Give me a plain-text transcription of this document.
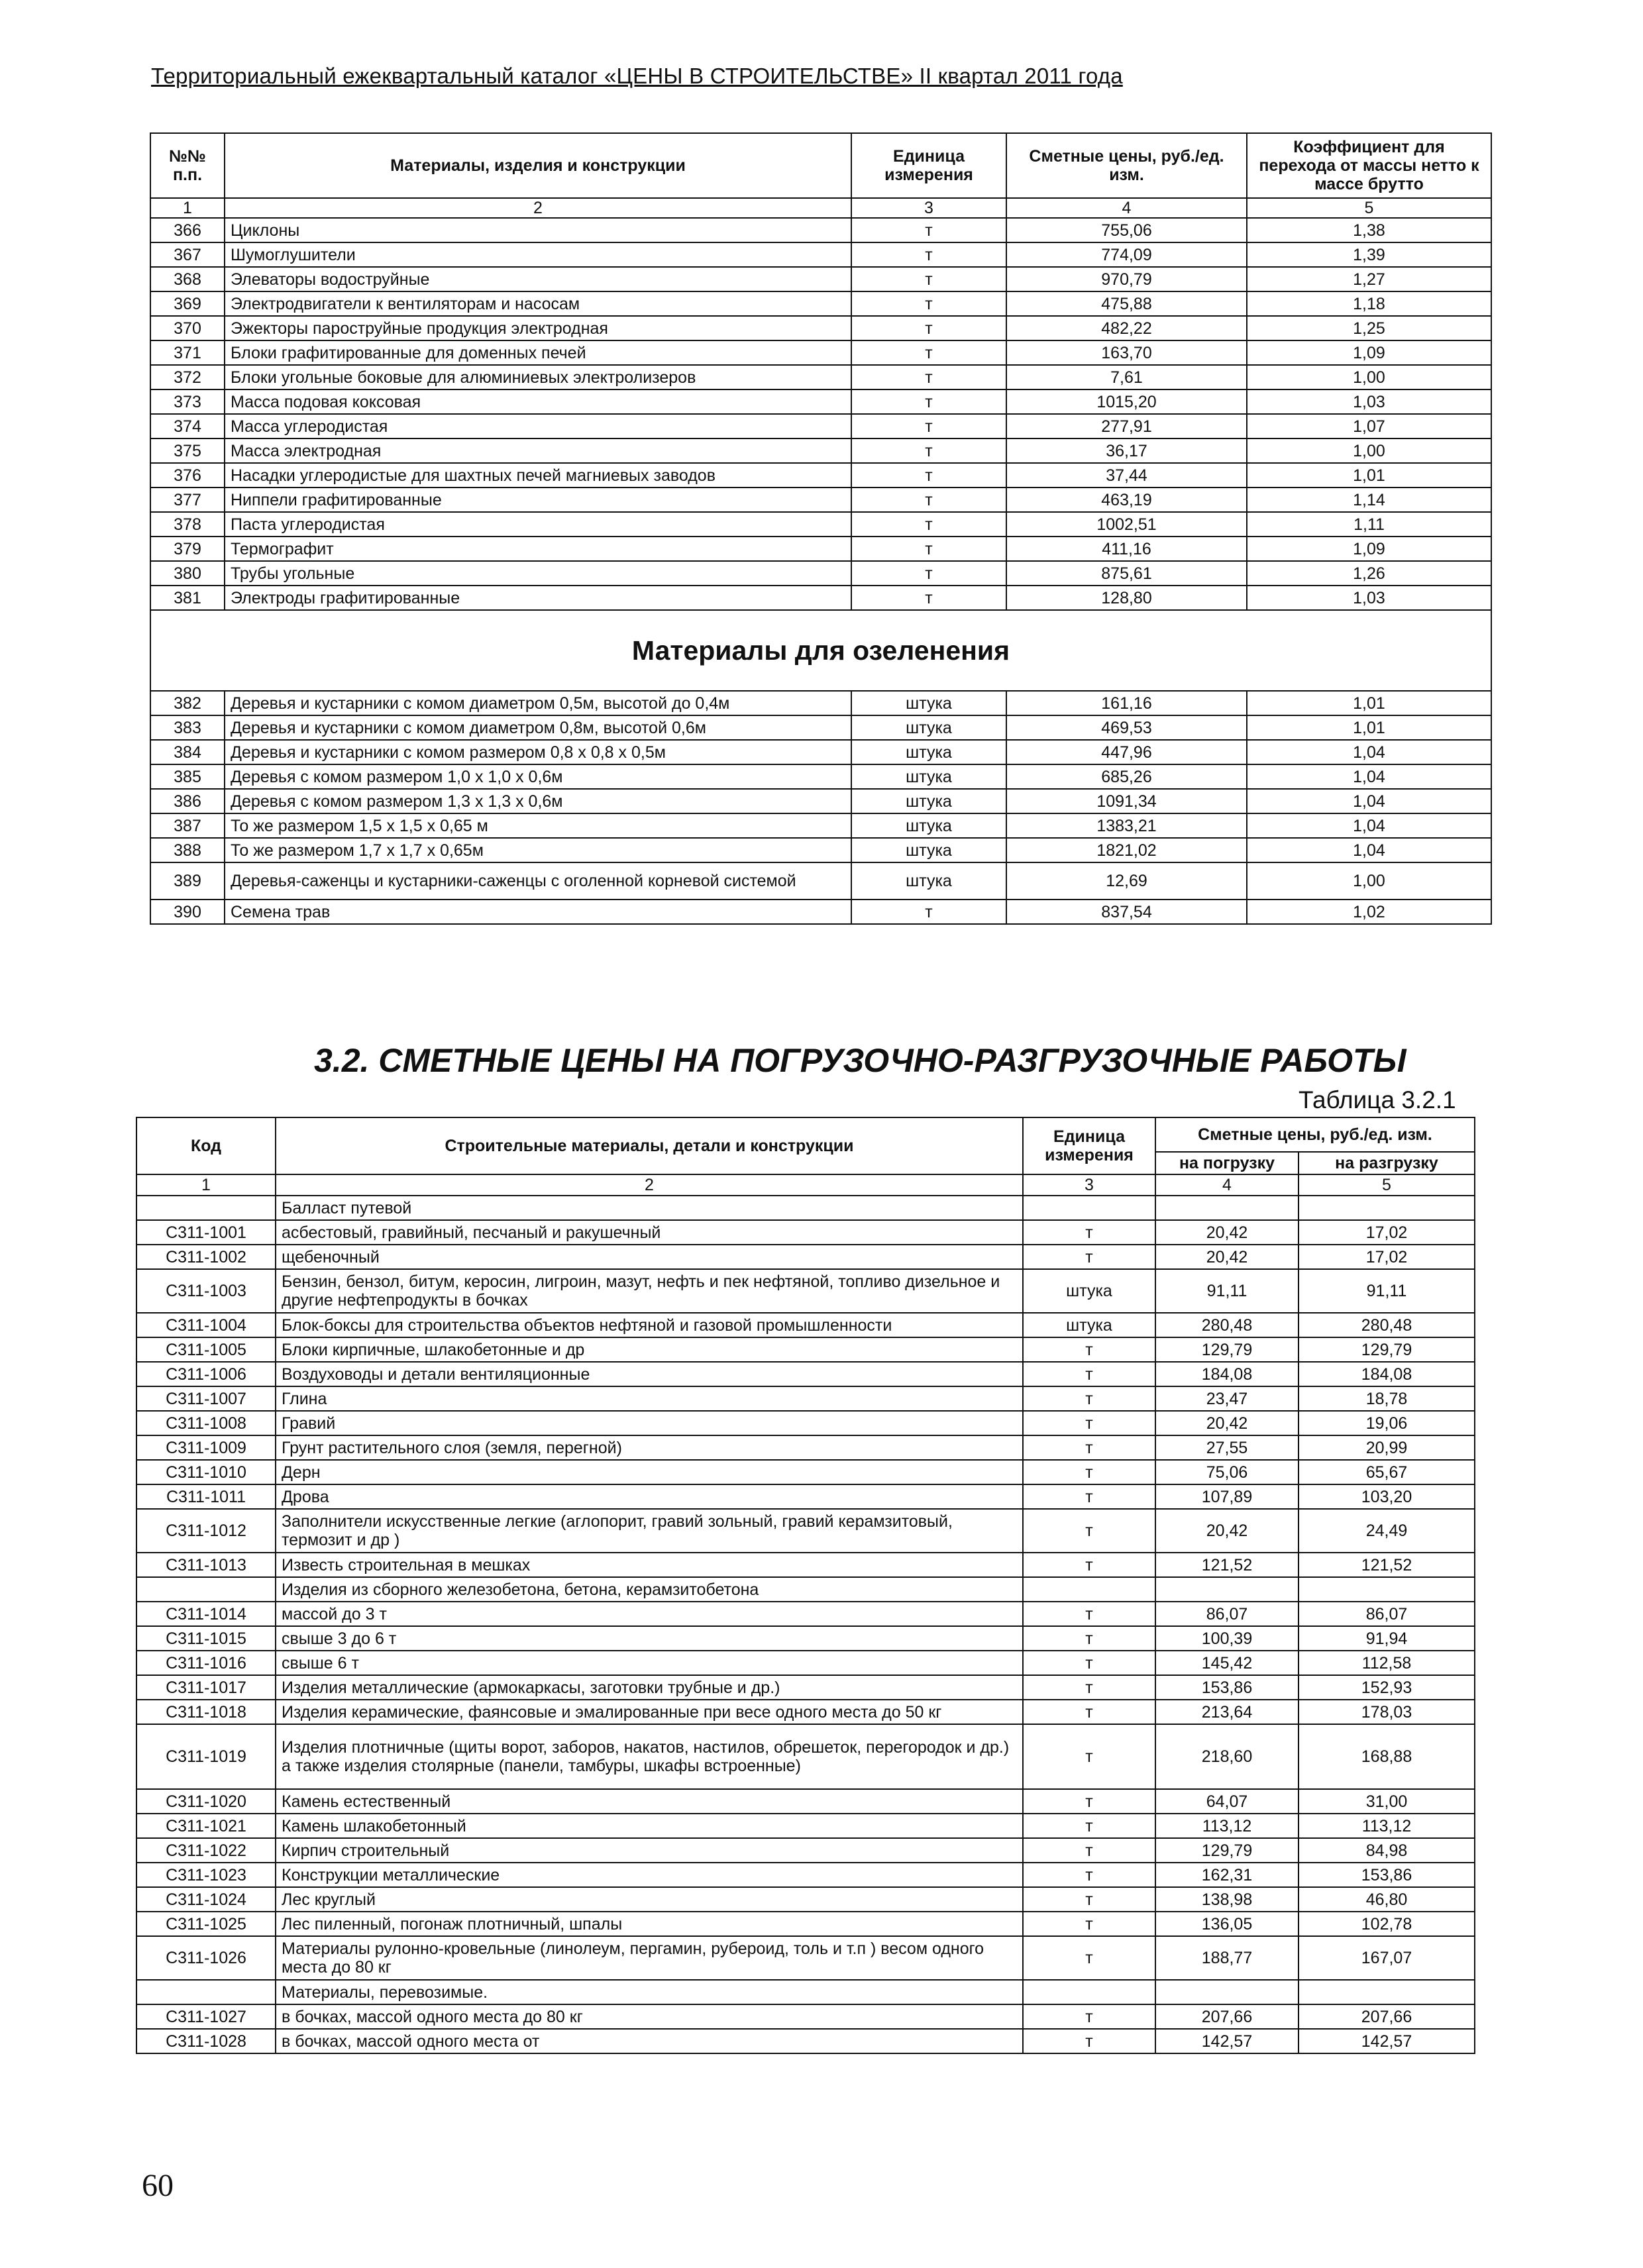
Территориальный ежеквартальный каталог «ЦЕНЫ В СТРОИТЕЛЬСТВЕ» II квартал 2011 года
№№ п.п.	Материалы, изделия и конструкции	Единица измерения	Сметные цены, руб./ед. изм.	Коэффициент для перехода от массы нетто к массе брутто
1	2	3	4	5
366	Циклоны	т	755,06	1,38
367	Шумоглушители	т	774,09	1,39
368	Элеваторы водоструйные	т	970,79	1,27
369	Электродвигатели к вентиляторам и насосам	т	475,88	1,18
370	Эжекторы пароструйные продукция электродная	т	482,22	1,25
371	Блоки графитированные для доменных печей	т	163,70	1,09
372	Блоки угольные боковые для алюминиевых электролизеров	т	7,61	1,00
373	Масса подовая коксовая	т	1015,20	1,03
374	Масса углеродистая	т	277,91	1,07
375	Масса электродная	т	36,17	1,00
376	Насадки углеродистые для шахтных печей магниевых заводов	т	37,44	1,01
377	Ниппели графитированные	т	463,19	1,14
378	Паста углеродистая	т	1002,51	1,11
379	Термографит	т	411,16	1,09
380	Трубы угольные	т	875,61	1,26
381	Электроды графитированные	т	128,80	1,03
Материалы для озеленения				
382	Деревья и кустарники с комом диаметром 0,5м, высотой до 0,4м	штука	161,16	1,01
383	Деревья и кустарники с комом диаметром 0,8м, высотой 0,6м	штука	469,53	1,01
384	Деревья и кустарники с комом размером 0,8 х 0,8 х 0,5м	штука	447,96	1,04
385	Деревья с комом размером 1,0 х 1,0 х 0,6м	штука	685,26	1,04
386	Деревья с комом размером 1,3 х 1,3 х 0,6м	штука	1091,34	1,04
387	То же размером 1,5 х 1,5 х 0,65 м	штука	1383,21	1,04
388	То же размером 1,7 х 1,7 х 0,65м	штука	1821,02	1,04
389	Деревья-саженцы и кустарники-саженцы с оголенной корневой системой	штука	12,69	1,00
390	Семена трав	т	837,54	1,02
3.2. СМЕТНЫЕ ЦЕНЫ НА ПОГРУЗОЧНО-РАЗГРУЗОЧНЫЕ РАБОТЫ
Таблица 3.2.1
Код	Строительные материалы, детали и конструкции	Единица измерения	Сметные цены, руб./ед. изм.	
			на погрузку	на разгрузку
1	2	3	4	5
	Балласт путевой			
С311-1001	асбестовый, гравийный, песчаный и ракушечный	т	20,42	17,02
С311-1002	щебеночный	т	20,42	17,02
С311-1003	Бензин, бензол, битум, керосин, лигроин, мазут, нефть и пек нефтяной, топливо дизельное и другие нефтепродукты в бочках	штука	91,11	91,11
С311-1004	Блок-боксы для строительства объектов нефтяной и газовой промышленности	штука	280,48	280,48
С311-1005	Блоки кирпичные, шлакобетонные и др	т	129,79	129,79
С311-1006	Воздуховоды и детали вентиляционные	т	184,08	184,08
С311-1007	Глина	т	23,47	18,78
С311-1008	Гравий	т	20,42	19,06
С311-1009	Грунт растительного слоя (земля, перегной)	т	27,55	20,99
С311-1010	Дерн	т	75,06	65,67
С311-1011	Дрова	т	107,89	103,20
С311-1012	Заполнители искусственные легкие (аглопорит, гравий зольный, гравий керамзитовый, термозит и др )	т	20,42	24,49
С311-1013	Известь строительная в мешках	т	121,52	121,52
	Изделия из сборного железобетона, бетона, керамзитобетона			
С311-1014	массой до 3 т	т	86,07	86,07
С311-1015	свыше 3 до 6 т	т	100,39	91,94
С311-1016	свыше 6 т	т	145,42	112,58
С311-1017	Изделия металлические (армокаркасы, заготовки трубные и др.)	т	153,86	152,93
С311-1018	Изделия керамические, фаянсовые и эмалированные при весе одного места до 50 кг	т	213,64	178,03
С311-1019	Изделия плотничные (щиты ворот, заборов, накатов, настилов, обрешеток, перегородок и др.) а также изделия столярные (панели, тамбуры, шкафы встроенные)	т	218,60	168,88
С311-1020	Камень естественный	т	64,07	31,00
С311-1021	Камень шлакобетонный	т	113,12	113,12
С311-1022	Кирпич строительный	т	129,79	84,98
С311-1023	Конструкции металлические	т	162,31	153,86
С311-1024	Лес круглый	т	138,98	46,80
С311-1025	Лес пиленный, погонаж плотничный, шпалы	т	136,05	102,78
С311-1026	Материалы рулонно-кровельные (линолеум, пергамин, рубероид, толь и т.п ) весом одного места до 80 кг	т	188,77	167,07
	Материалы, перевозимые.			
С311-1027	в бочках, массой одного места до 80 кг	т	207,66	207,66
С311-1028	в бочках, массой одного места от	т	142,57	142,57
60
